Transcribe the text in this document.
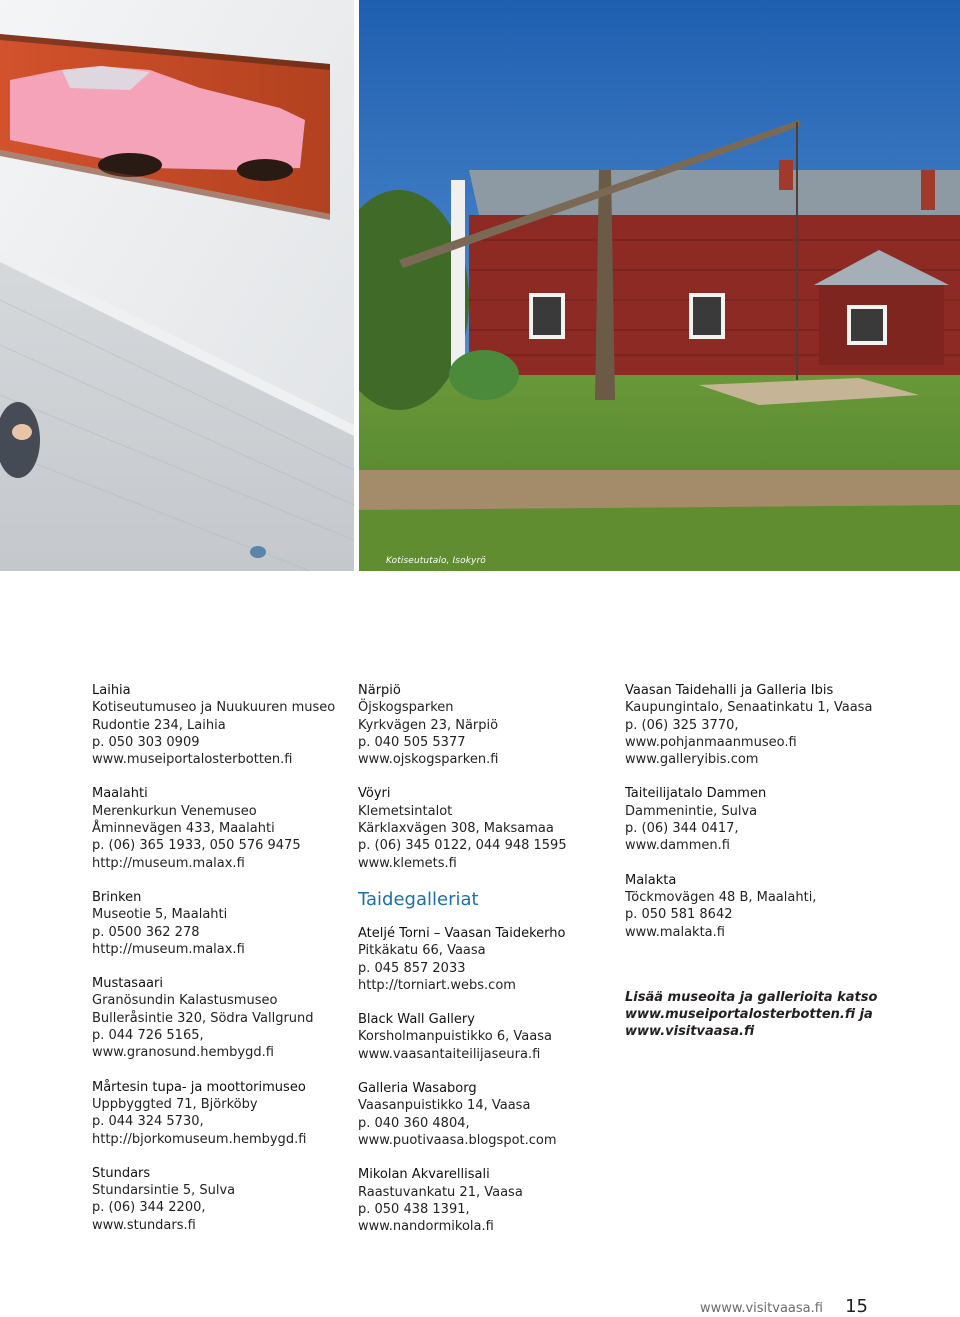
Kotiseututalo, Isokyrö
Laihia
Kotiseutumuseo ja Nuukuuren museo
Rudontie 234, Laihia
p. 050 303 0909
www.museiportalosterbotten.fi
Maalahti
Merenkurkun Venemuseo
Åminnevägen 433, Maalahti
p. (06) 365 1933, 050 576 9475
http://museum.malax.fi
Brinken
Museotie 5, Maalahti
p. 0500 362 278
http://museum.malax.fi
Mustasaari
Granösundin Kalastusmuseo
Bulleråsintie 320, Södra Vallgrund
p. 044 726 5165,
www.granosund.hembygd.fi
Mårtesin tupa- ja moottorimuseo
Uppbyggted 71, Björköby
p. 044 324 5730,
http://bjorkomuseum.hembygd.fi
Stundars
Stundarsintie 5, Sulva
p. (06) 344 2200,
www.stundars.fi
Närpiö
Öjskogsparken
Kyrkvägen 23, Närpiö
p. 040 505 5377
www.ojskogsparken.fi
Vöyri
Klemetsintalot
Kärklaxvägen 308, Maksamaa
p. (06) 345 0122, 044 948 1595
www.klemets.fi
Taidegalleriat
Ateljé Torni – Vaasan Taidekerho
Pitkäkatu 66, Vaasa
p. 045 857 2033
http://torniart.webs.com
Black Wall Gallery
Korsholmanpuistikko 6, Vaasa
www.vaasantaiteilijaseura.fi
Galleria Wasaborg
Vaasanpuistikko 14, Vaasa
p. 040 360 4804,
www.puotivaasa.blogspot.com
Mikolan Akvarellisali
Raastuvankatu 21, Vaasa
p. 050 438 1391,
www.nandormikola.fi
Vaasan Taidehalli ja Galleria Ibis
Kaupungintalo, Senaatinkatu 1, Vaasa
p. (06) 325 3770,
www.pohjanmaanmuseo.fi
www.galleryibis.com
Taiteilijatalo Dammen
Dammenintie, Sulva
p. (06) 344 0417,
www.dammen.fi
Malakta
Töckmovägen 48 B, Maalahti,
p. 050 581 8642
www.malakta.fi
Lisää museoita ja gallerioita katso
www.museiportalosterbotten.fi ja
www.visitvaasa.fi
wwww.visitvaasa.fi 15
